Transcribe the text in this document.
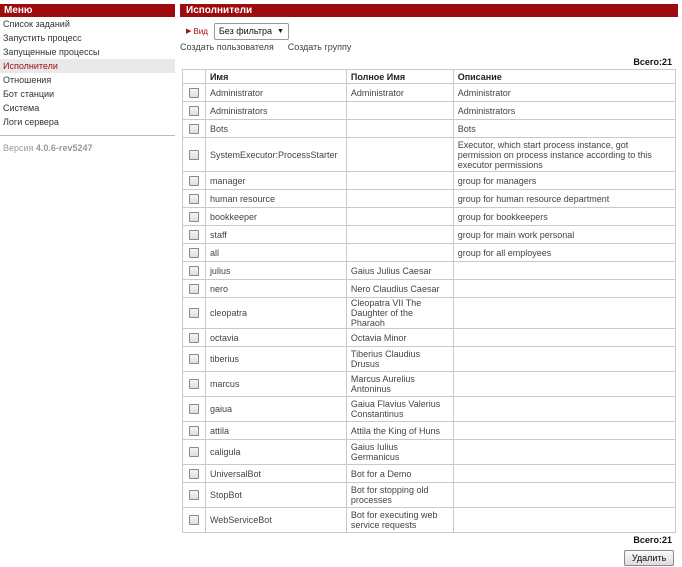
Меню
Список заданий
Запустить процесс
Запущенные процессы
Исполнители
Отношения
Бот станции
Система
Логи сервера
Версия 4.0.6-rev5247
Исполнители
▶ Вид Без фильтра ▼
Создать пользователя Создать группу
Всего:21
	Имя	Полное Имя	Описание
	Administrator	Administrator	Administrator
	Administrators		Administrators
	Bots		Bots
	SystemExecutor:ProcessStarter		Executor, which start process instance, got permission on process instance according to this executor permissions
	manager		group for managers
	human resource		group for human resource department
	bookkeeper		group for bookkeepers
	staff		group for main work personal
	all		group for all employees
	julius	Gaius Julius Caesar	
	nero	Nero Claudius Caesar	
	cleopatra	Cleopatra VII The Daughter of the Pharaoh	
	octavia	Octavia Minor	
	tiberius	Tiberius Claudius Drusus	
	marcus	Marcus Aurelius Antoninus	
	gaiua	Gaiua Flavius Valerius Constantinus	
	attila	Attila the King of Huns	
	caligula	Gaius Iulius Germanicus	
	UniversalBot	Bot for a Demo	
	StopBot	Bot for stopping old processes	
	WebServiceBot	Bot for executing web service requests	
Всего:21
Удалить
